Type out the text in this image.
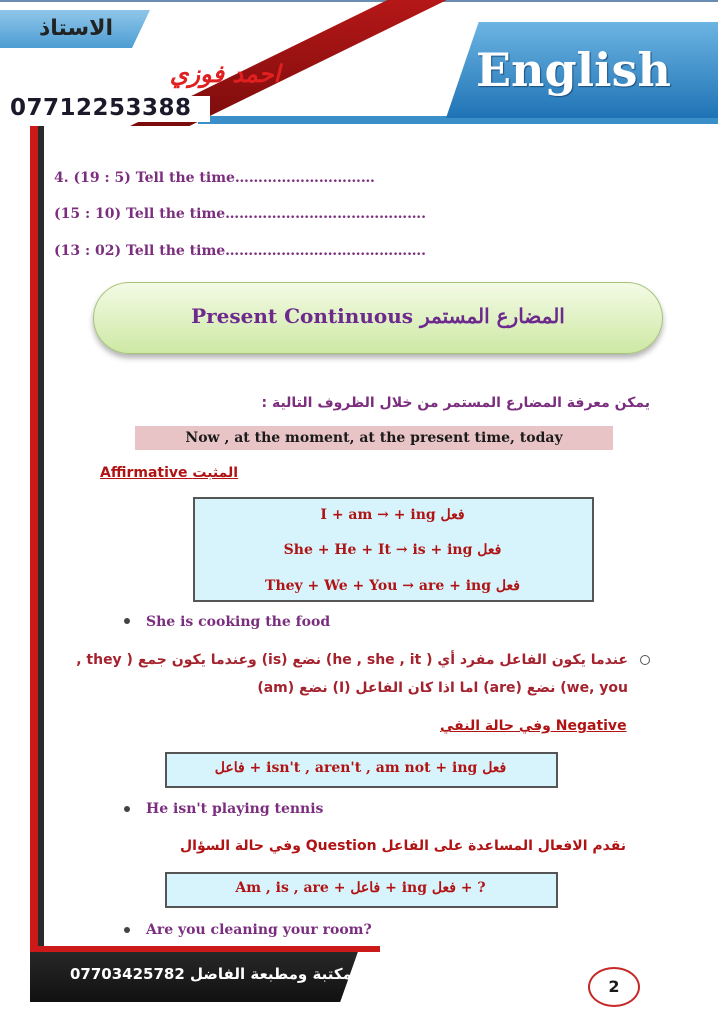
الاستاذ
احمد فوزي
07712253388
English
4. (19 : 5) Tell the time…………………………
(15 : 10) Tell the time…………………………………….
(13 : 02) Tell the time…………………………………….
Present Continuous المضارع المستمر
يمكن معرفة المضارع المستمر من خلال الظروف التالية :
Now , at the moment, at the present time, today
Affirmative المثبت
I + am → + ing فعل
She + He + It → is + ing فعل
They + We + You → are + ing فعل
She is cooking the food
عندما يكون الفاعل مفرد أي ( he , she , it) نضع (is) وعندما يكون جمع ( they ,
we, you) نضع (are) اما اذا كان الفاعل (I) نضع (am)
وفي حالة النفي Negative
فاعل + isn't , aren't , am not + ing فعل
He isn't playing tennis
وفي حالة السؤال Question نقدم الافعال المساعدة على الفاعل
Am , is , are + فاعل + ing فعل + ?
Are you cleaning your room?
مكتبة ومطبعة الفاضل 07703425782
2
